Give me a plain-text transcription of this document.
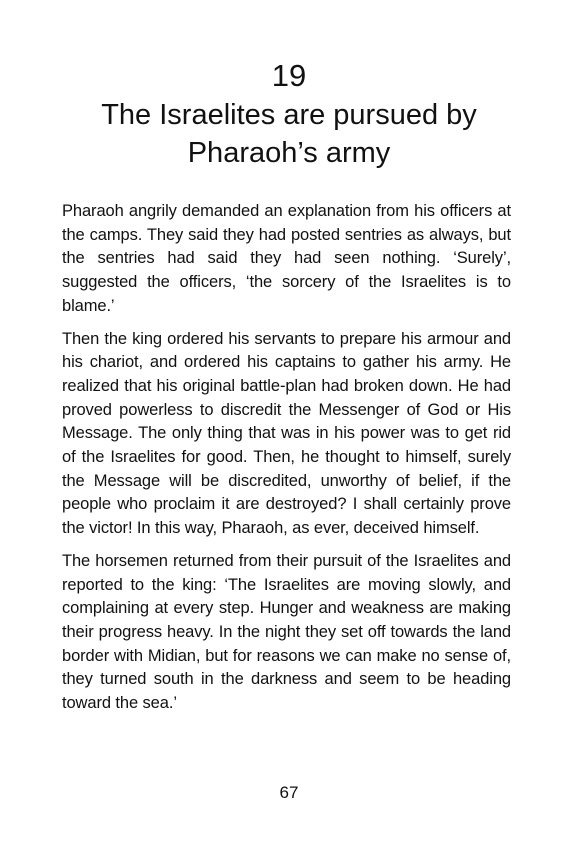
19
The Israelites are pursued by Pharaoh’s army

Pharaoh angrily demanded an explanation from his officers at the camps. They said they had posted sentries as always, but the sentries had said they had seen nothing. ‘Surely’, suggested the officers, ‘the sorcery of the Israelites is to blame.’

Then the king ordered his servants to prepare his armour and his chariot, and ordered his captains to gather his army. He realized that his original battle-plan had broken down. He had proved powerless to discredit the Messenger of God or His Message. The only thing that was in his power was to get rid of the Israelites for good. Then, he thought to himself, surely the Message will be discredited, unworthy of belief, if the people who proclaim it are destroyed? I shall certainly prove the victor! In this way, Pharaoh, as ever, deceived himself.

The horsemen returned from their pursuit of the Israelites and reported to the king: ‘The Israelites are moving slowly, and complaining at every step. Hunger and weakness are making their progress heavy. In the night they set off towards the land border with Midian, but for reasons we can make no sense of, they turned south in the darkness and seem to be heading toward the sea.’

67
